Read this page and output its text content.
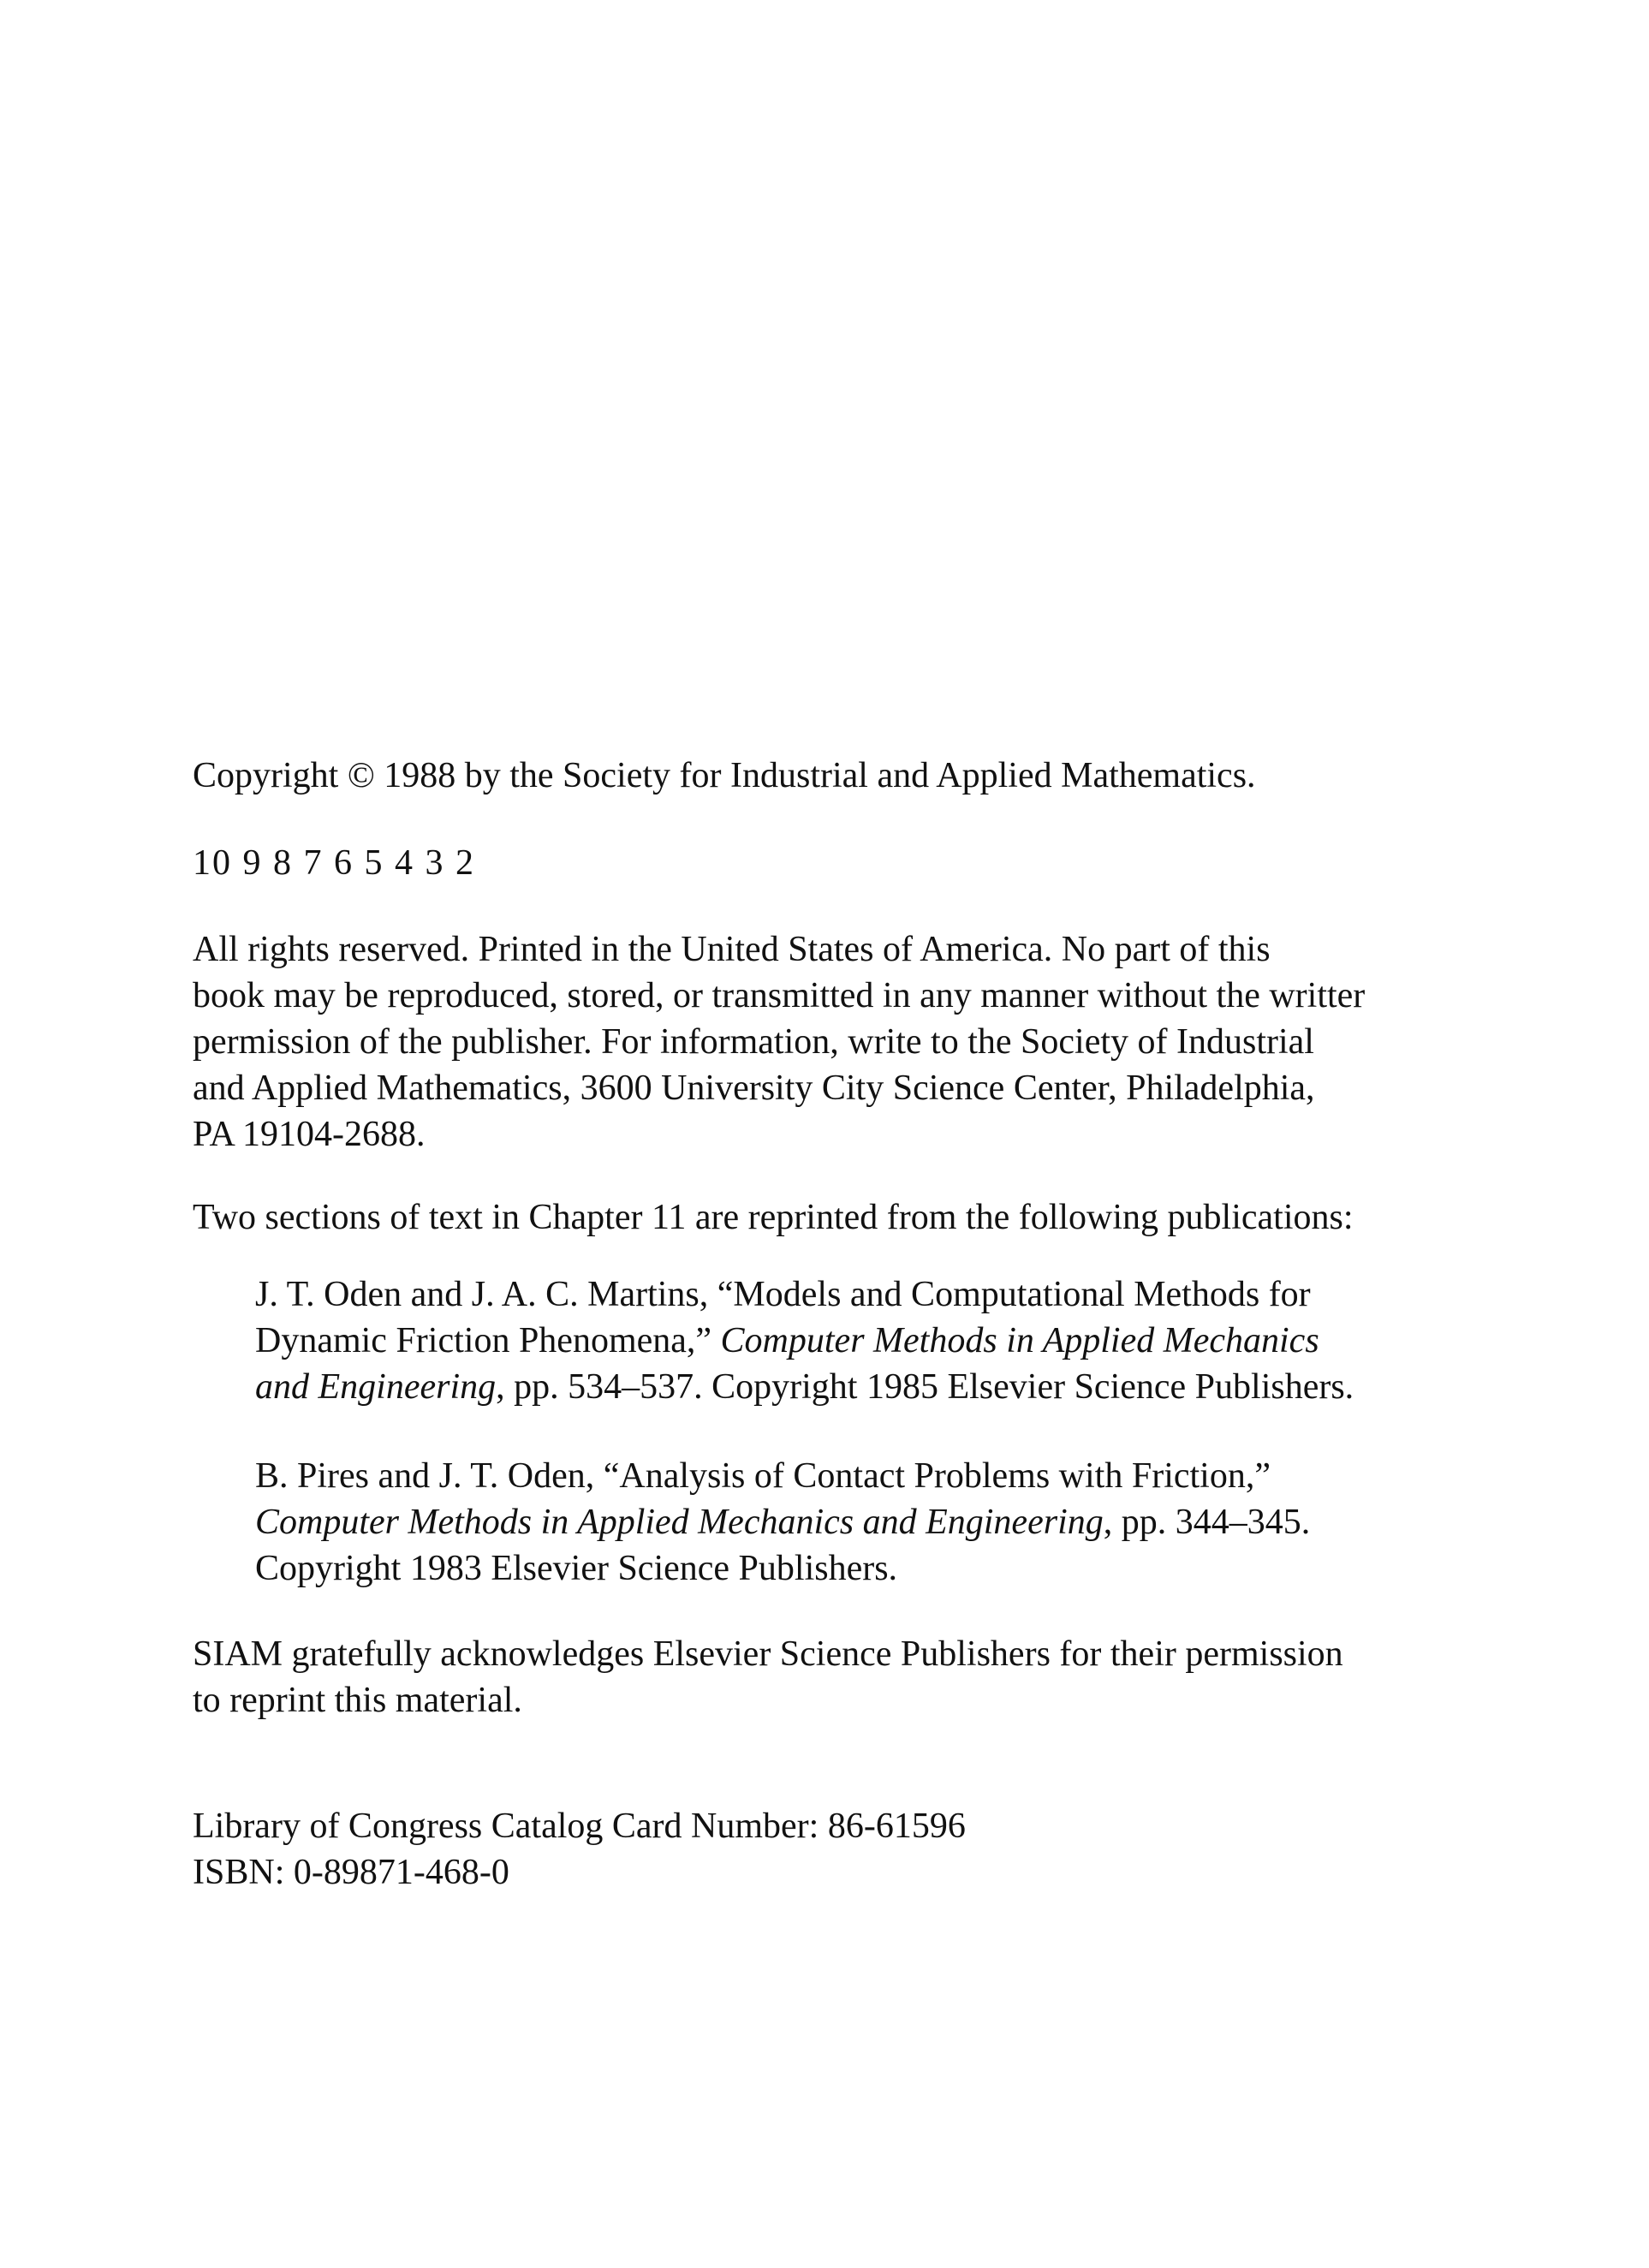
Copyright © 1988 by the Society for Industrial and Applied Mathematics.
10 9 8 7 6 5 4 3 2
All rights reserved. Printed in the United States of America. No part of this
book may be reproduced, stored, or transmitted in any manner without the writter
permission of the publisher. For information, write to the Society of Industrial
and Applied Mathematics, 3600 University City Science Center, Philadelphia,
PA 19104-2688.
Two sections of text in Chapter 11 are reprinted from the following publications:
J. T. Oden and J. A. C. Martins, “Models and Computational Methods for
Dynamic Friction Phenomena,” Computer Methods in Applied Mechanics
and Engineering, pp. 534–537. Copyright 1985 Elsevier Science Publishers.
B. Pires and J. T. Oden, “Analysis of Contact Problems with Friction,”
Computer Methods in Applied Mechanics and Engineering, pp. 344–345.
Copyright 1983 Elsevier Science Publishers.
SIAM gratefully acknowledges Elsevier Science Publishers for their permission
to reprint this material.
Library of Congress Catalog Card Number: 86-61596
ISBN: 0-89871-468-0
